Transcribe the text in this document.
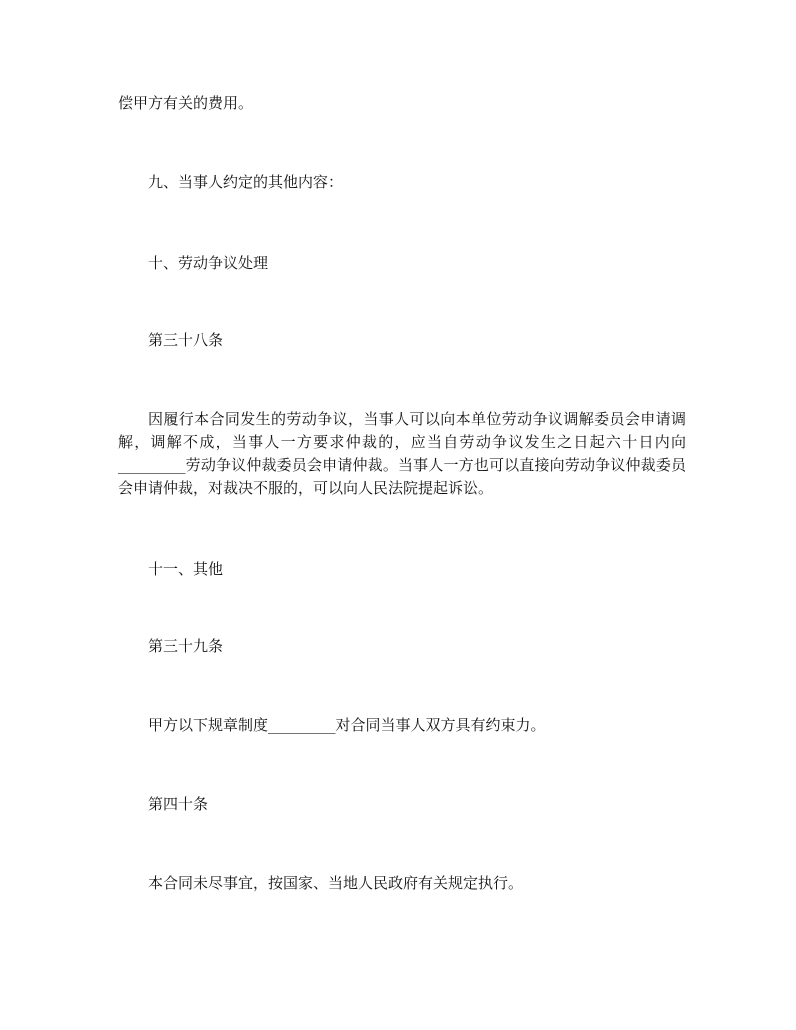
偿甲方有关的费用。
九、当事人约定的其他内容：
十、劳动争议处理
第三十八条
因履行本合同发生的劳动争议，当事人可以向本单位劳动争议调解委员会申请调解，调解不成，当事人一方要求仲裁的，应当自劳动争议发生之日起六十日内向_________劳动争议仲裁委员会申请仲裁。当事人一方也可以直接向劳动争议仲裁委员会申请仲裁，对裁决不服的，可以向人民法院提起诉讼。
十一、其他
第三十九条
甲方以下规章制度_________对合同当事人双方具有约束力。
第四十条
本合同未尽事宜，按国家、当地人民政府有关规定执行。
